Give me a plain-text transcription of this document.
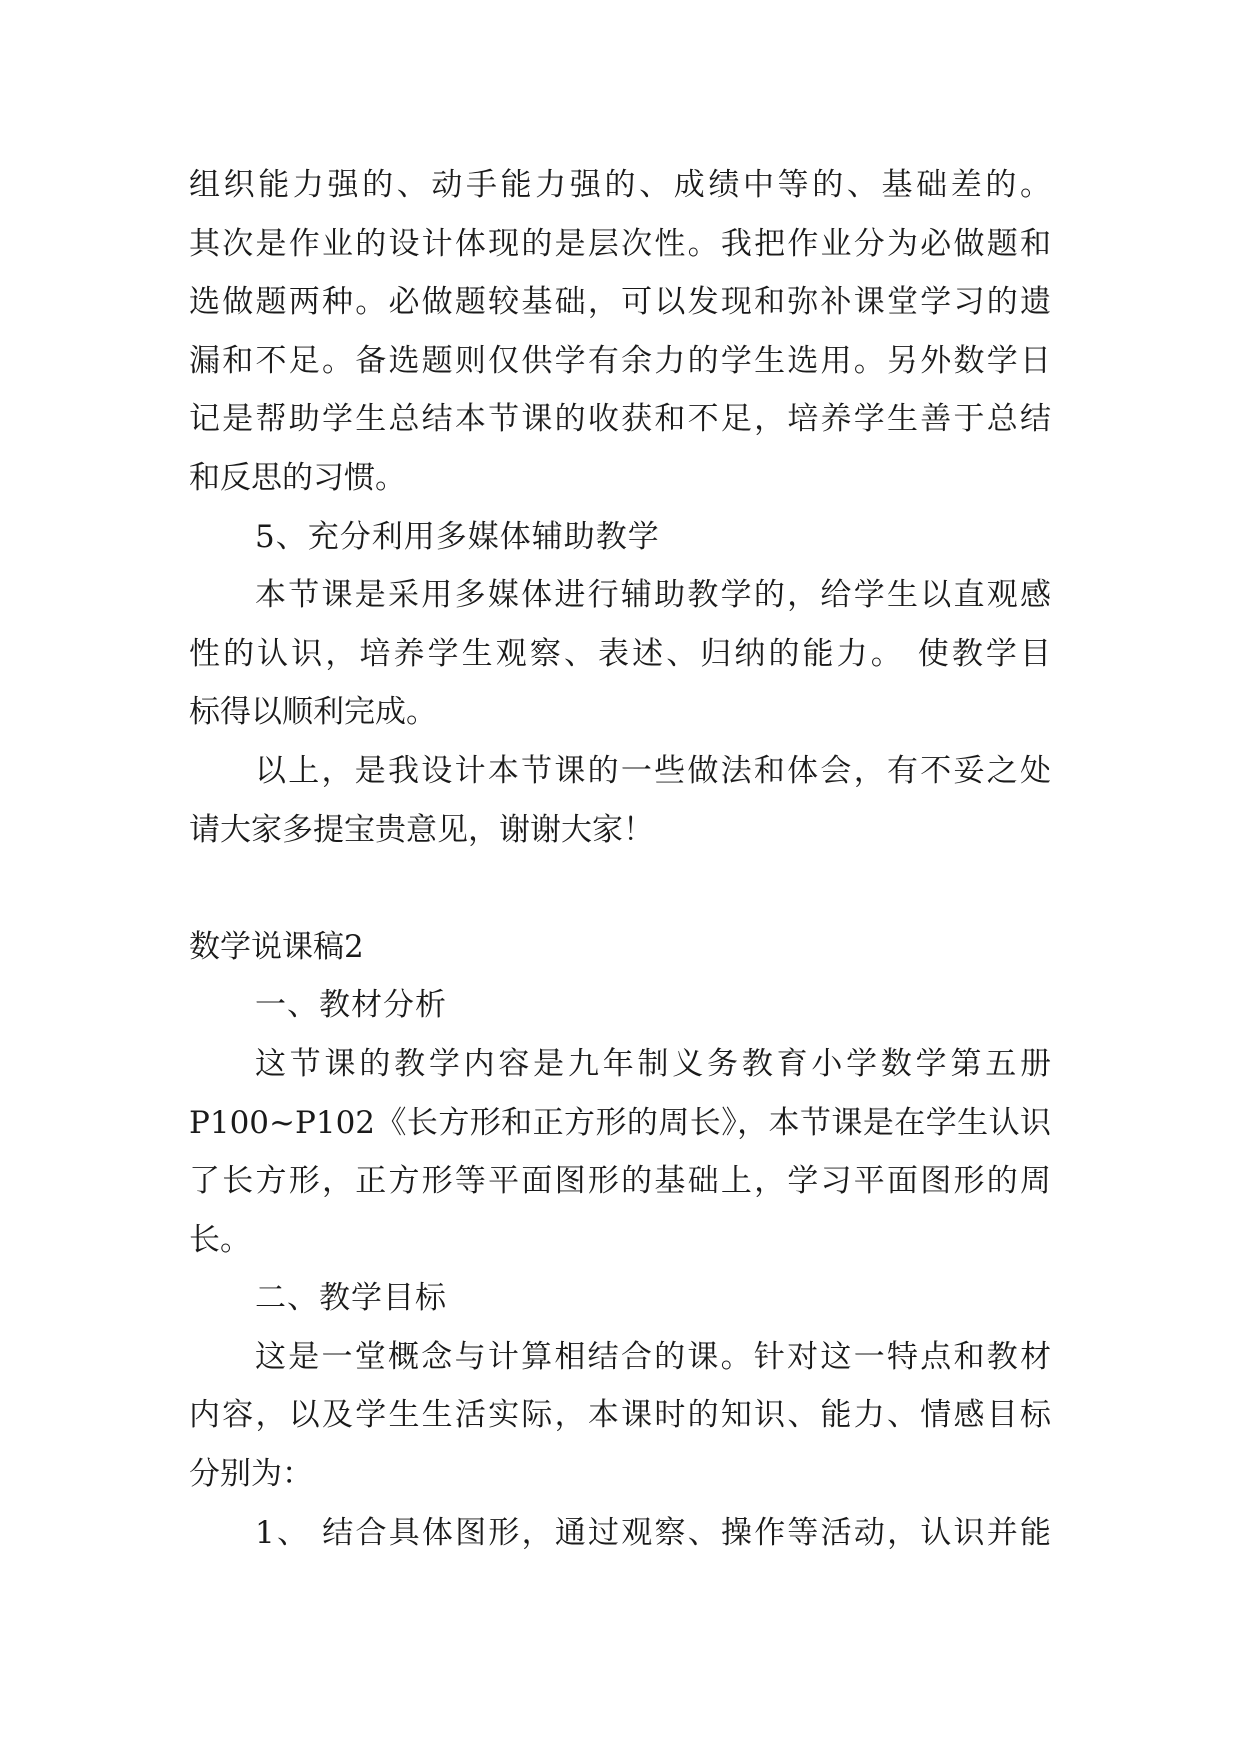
组织能力强的、动手能力强的、成绩中等的、基础差的。
其次是作业的设计体现的是层次性。我把作业分为必做题和
选做题两种。必做题较基础，可以发现和弥补课堂学习的遗
漏和不足。备选题则仅供学有余力的学生选用。另外数学日
记是帮助学生总结本节课的收获和不足，培养学生善于总结
和反思的习惯。
5、充分利用多媒体辅助教学
本节课是采用多媒体进行辅助教学的，给学生以直观感
性的认识，培养学生观察、表述、归纳的能力。 使教学目
标得以顺利完成。
以上，是我设计本节课的一些做法和体会，有不妥之处
请大家多提宝贵意见，谢谢大家！
数学说课稿2
一、教材分析
这节课的教学内容是九年制义务教育小学数学第五册
P100~P102《长方形和正方形的周长》，本节课是在学生认识
了长方形，正方形等平面图形的基础上，学习平面图形的周
长。
二、教学目标
这是一堂概念与计算相结合的课。针对这一特点和教材
内容，以及学生生活实际，本课时的知识、能力、情感目标
分别为：
1、 结合具体图形，通过观察、操作等活动，认识并能
